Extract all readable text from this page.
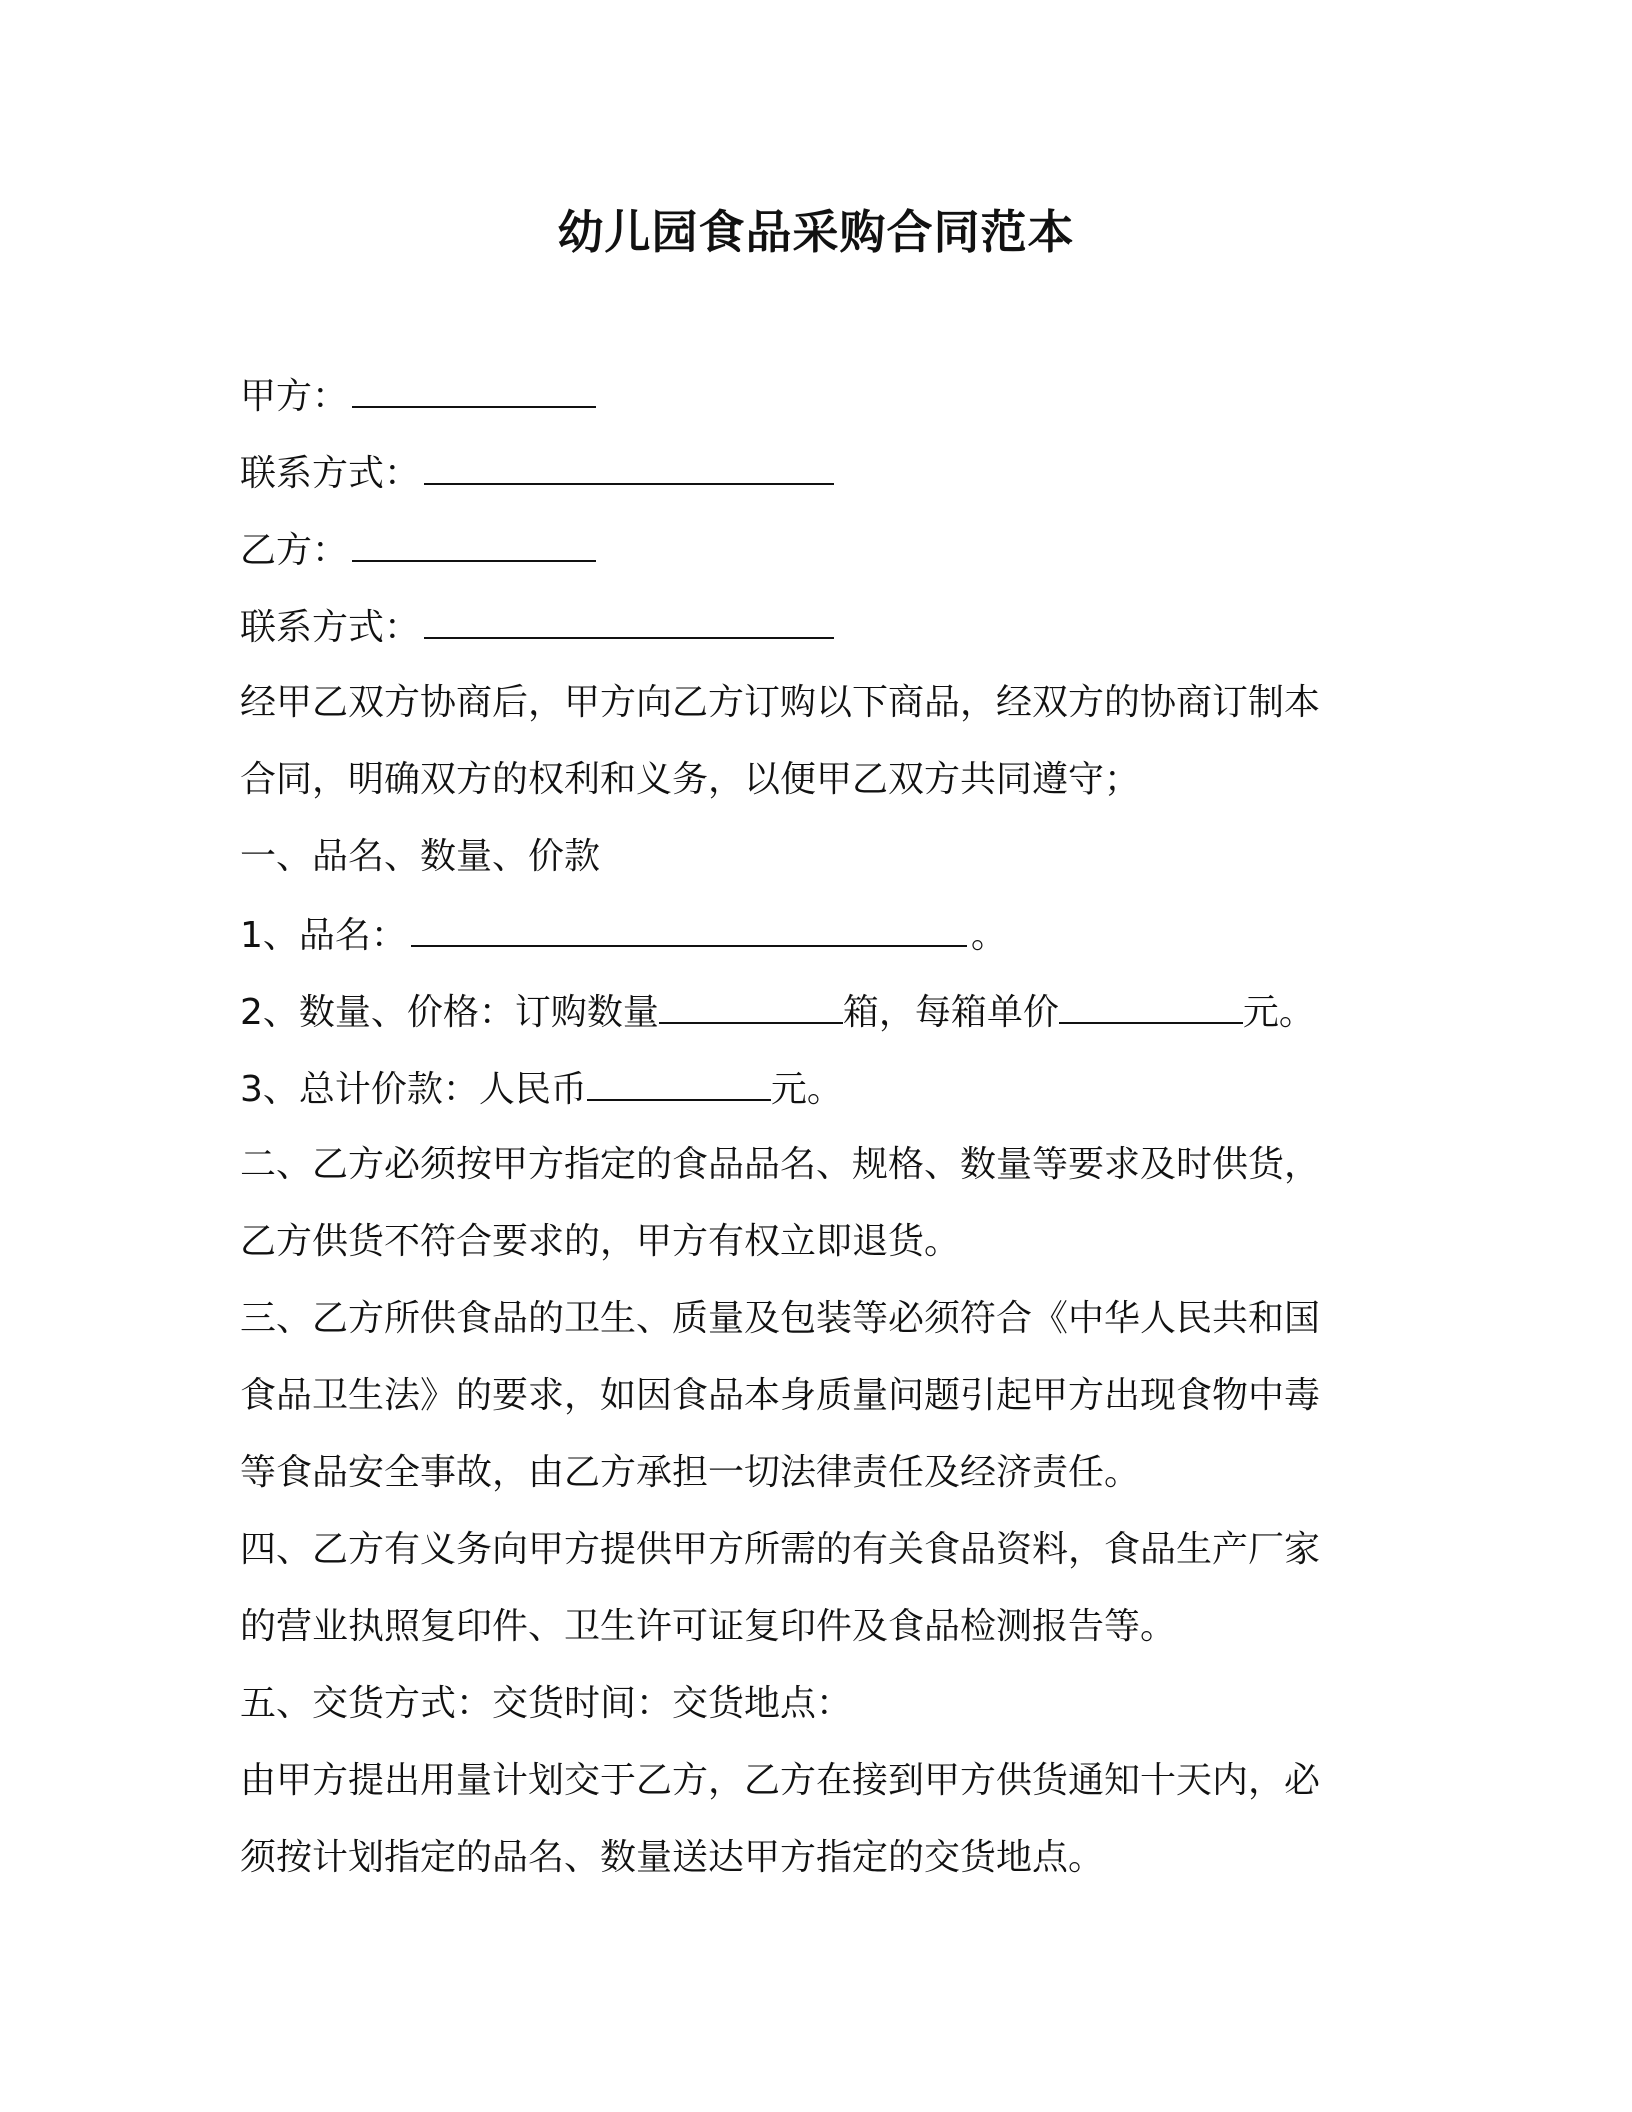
幼儿园食品采购合同范本
甲方：
联系方式：
乙方：
联系方式：
经甲乙双方协商后，甲方向乙方订购以下商品，经双方的协商订制本
合同，明确双方的权利和义务，以便甲乙双方共同遵守；
一、品名、数量、价款
1、品名：	。
2、数量、价格：订购数量	箱，每箱单价	元。
3、总计价款：人民币	元。
二、乙方必须按甲方指定的食品品名、规格、数量等要求及时供货，
乙方供货不符合要求的，甲方有权立即退货。
三、乙方所供食品的卫生、质量及包装等必须符合《中华人民共和国
食品卫生法》的要求，如因食品本身质量问题引起甲方出现食物中毒
等食品安全事故，由乙方承担一切法律责任及经济责任。
四、乙方有义务向甲方提供甲方所需的有关食品资料，食品生产厂家
的营业执照复印件、卫生许可证复印件及食品检测报告等。
五、交货方式：交货时间：交货地点：
由甲方提出用量计划交于乙方，乙方在接到甲方供货通知十天内，必
须按计划指定的品名、数量送达甲方指定的交货地点。
